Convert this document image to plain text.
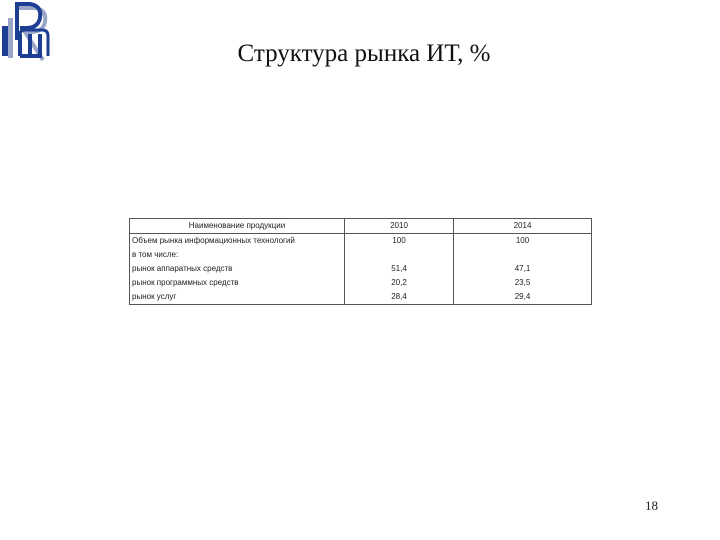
Структура рынка ИТ, %
Наименование продукции	2010	2014
Объем рынка информационных технологий	100	100
в том числе:		
рынок аппаратных средств	51,4	47,1
рынок программных средств	20,2	23,5
рынок услуг	28,4	29,4
18
